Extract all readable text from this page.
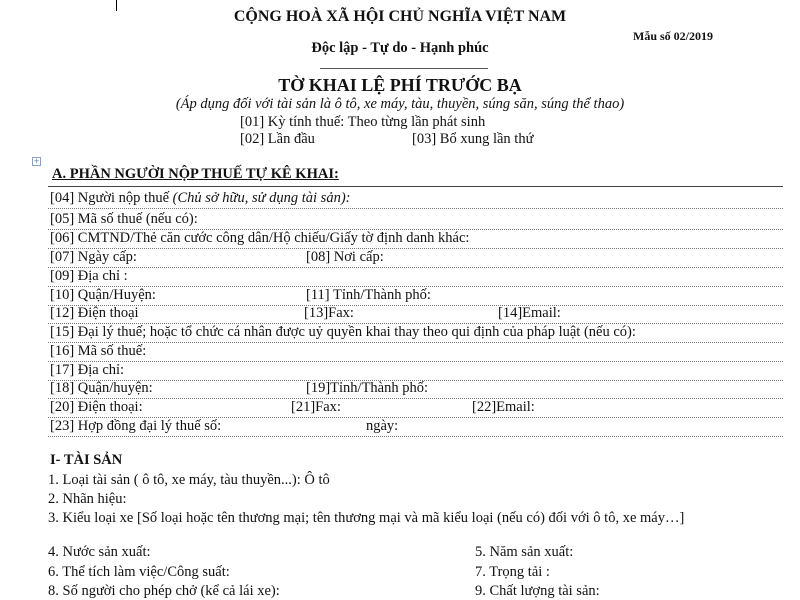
CỘNG HOÀ XÃ HỘI CHỦ NGHĨA VIỆT NAM
Mẫu số 02/2019
Độc lập - Tự do - Hạnh phúc
TỜ KHAI LỆ PHÍ TRƯỚC BẠ
(Áp dụng đối với tài sản là ô tô, xe máy, tàu, thuyền, súng săn, súng thể thao)
[01] Kỳ tính thuế: Theo từng lần phát sinh
[02] Lần đầu	[03] Bổ xung lần thứ
+
A. PHẦN NGƯỜI NỘP THUẾ TỰ KÊ KHAI:
[04] Người nộp thuế (Chủ sở hữu, sử dụng tài sản):
[05] Mã số thuế (nếu có):
[06] CMTND/Thẻ căn cước công dân/Hộ chiếu/Giấy tờ định danh khác:
[07] Ngày cấp:	[08] Nơi cấp:
[09] Địa chỉ :
[10] Quận/Huyện:	[11] Tỉnh/Thành phố:
[12] Điện thoại	[13]Fax:	[14]Email:
[15] Đại lý thuế; hoặc tổ chức cá nhân được uỷ quyền khai thay theo qui định của pháp luật (nếu có):
[16] Mã số thuế:
[17] Địa chỉ:
[18] Quận/huyện:	[19]Tỉnh/Thành phố:
[20] Điện thoại:	[21]Fax:	[22]Email:
[23] Hợp đồng đại lý thuế số:	ngày:
I- TÀI SẢN
1. Loại tài sản ( ô tô, xe máy, tàu thuyền...): Ô tô
2. Nhãn hiệu:
3. Kiểu loại xe [Số loại hoặc tên thương mại; tên thương mại và mã kiểu loại (nếu có) đối với ô tô, xe máy…]
4. Nước sản xuất:	5. Năm sản xuất:
6. Thể tích làm việc/Công suất:	7. Trọng tải :
8. Số người cho phép chở (kể cả lái xe):	9. Chất lượng tài sản:
